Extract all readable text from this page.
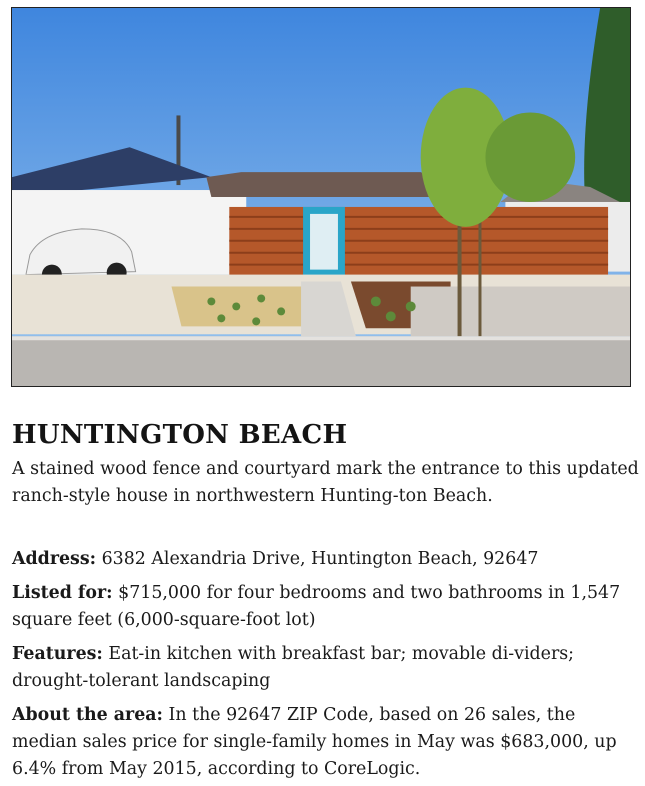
HUNTINGTON BEACH

A stained wood fence and courtyard mark the entrance to this updated ranch-style house in northwestern Hunting-ton Beach.

Address: 6382 Alexandria Drive, Huntington Beach, 92647

Listed for: $715,000 for four bedrooms and two bathrooms in 1,547 square feet (6,000-square-foot lot)

Features: Eat-in kitchen with breakfast bar; movable di-viders; drought-tolerant landscaping

About the area: In the 92647 ZIP Code, based on 26 sales, the median sales price for single-family homes in May was $683,000, up 6.4% from May 2015, according to CoreLogic.
